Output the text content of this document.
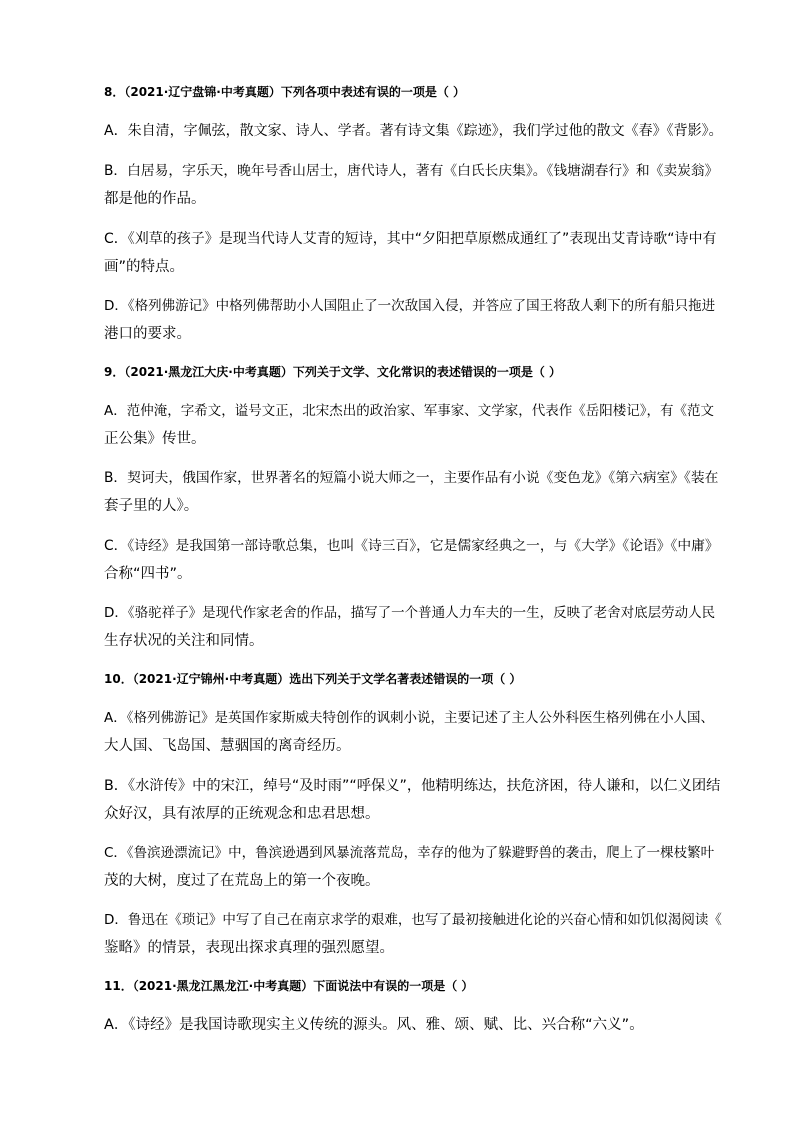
8．（2021·辽宁盘锦·中考真题）下列各项中表述有误的一项是（ ）
A．朱自清，字佩弦，散文家、诗人、学者。著有诗文集《踪迹》，我们学过他的散文《春》《背影》。
B．白居易，字乐天，晚年号香山居士，唐代诗人，著有《白氏长庆集》。《钱塘湖春行》和《卖炭翁》
都是他的作品。
C．《刈草的孩子》是现当代诗人艾青的短诗，其中“夕阳把草原燃成通红了”表现出艾青诗歌“诗中有
画”的特点。
D．《格列佛游记》中格列佛帮助小人国阻止了一次敌国入侵，并答应了国王将敌人剩下的所有船只拖进
港口的要求。
9．（2021·黑龙江大庆·中考真题）下列关于文学、文化常识的表述错误的一项是（ ）
A．范仲淹，字希文，谥号文正，北宋杰出的政治家、军事家、文学家，代表作《岳阳楼记》，有《范文
正公集》传世。
B．契诃夫，俄国作家，世界著名的短篇小说大师之一，主要作品有小说《变色龙》《第六病室》《装在
套子里的人》。
C．《诗经》是我国第一部诗歌总集，也叫《诗三百》，它是儒家经典之一，与《大学》《论语》《中庸》
合称“四书”。
D．《骆驼祥子》是现代作家老舍的作品，描写了一个普通人力车夫的一生，反映了老舍对底层劳动人民
生存状况的关注和同情。
10．（2021·辽宁锦州·中考真题）选出下列关于文学名著表述错误的一项（ ）
A．《格列佛游记》是英国作家斯威夫特创作的讽刺小说，主要记述了主人公外科医生格列佛在小人国、
大人国、飞岛国、慧骃国的离奇经历。
B．《水浒传》中的宋江，绰号“及时雨”“呼保义”，他精明练达，扶危济困，待人谦和，以仁义团结
众好汉，具有浓厚的正统观念和忠君思想。
C．《鲁滨逊漂流记》中，鲁滨逊遇到风暴流落荒岛，幸存的他为了躲避野兽的袭击，爬上了一棵枝繁叶
茂的大树，度过了在荒岛上的第一个夜晚。
D．鲁迅在《琐记》中写了自己在南京求学的艰难，也写了最初接触进化论的兴奋心情和如饥似渴阅读《
鉴略》的情景，表现出探求真理的强烈愿望。
11．（2021·黑龙江黑龙江·中考真题）下面说法中有误的一项是（ ）
A．《诗经》是我国诗歌现实主义传统的源头。风、雅、颂、赋、比、兴合称“六义”。
